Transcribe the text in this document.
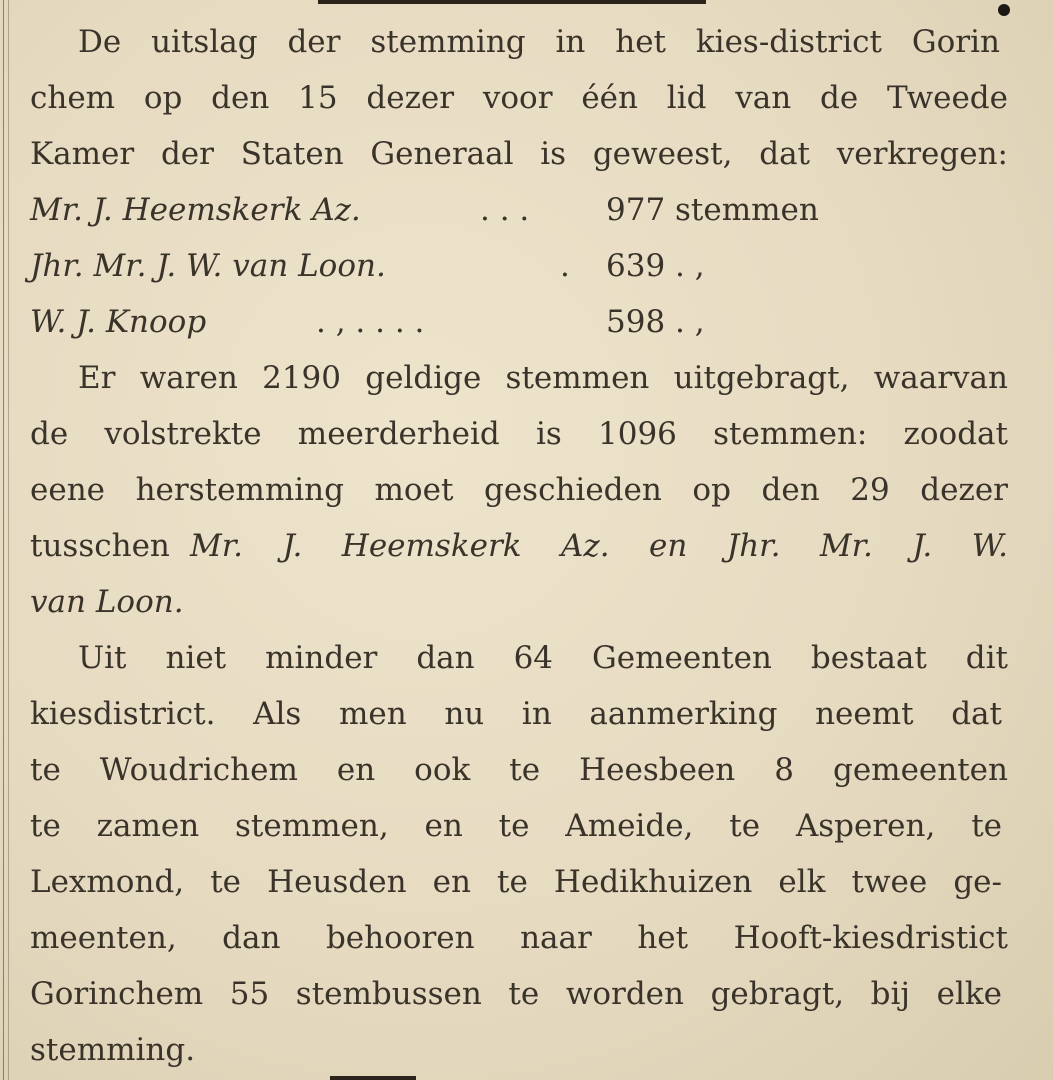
De uitslag der stemming in het kies-district Gorin
chem op den 15 dezer voor één lid van de Tweede
Kamer der Staten Generaal is geweest, dat verkregen:
Mr. J. Heemskerk Az.	. . . 977 stemmen
Jhr. Mr. J. W. van Loon.	. 639 . ,
W. J. Knoop	. , . . . .	598 . ,
Er waren 2190 geldige stemmen uitgebragt, waarvan
de volstrekte meerderheid is 1096 stemmen: zoodat
eene herstemming moet geschieden op den 29 dezer
tusschen Mr. J. Heemskerk Az. en Jhr. Mr. J. W.
van Loon.
Uit niet minder dan 64 Gemeenten bestaat dit
kiesdistrict. Als men nu in aanmerking neemt dat
te Woudrichem en ook te Heesbeen 8 gemeenten
te zamen stemmen, en te Ameide, te Asperen, te
Lexmond, te Heusden en te Hedikhuizen elk twee ge-
meenten, dan behooren naar het Hooft-kiesdristict
Gorinchem 55 stembussen te worden gebragt, bij elke
stemming.
